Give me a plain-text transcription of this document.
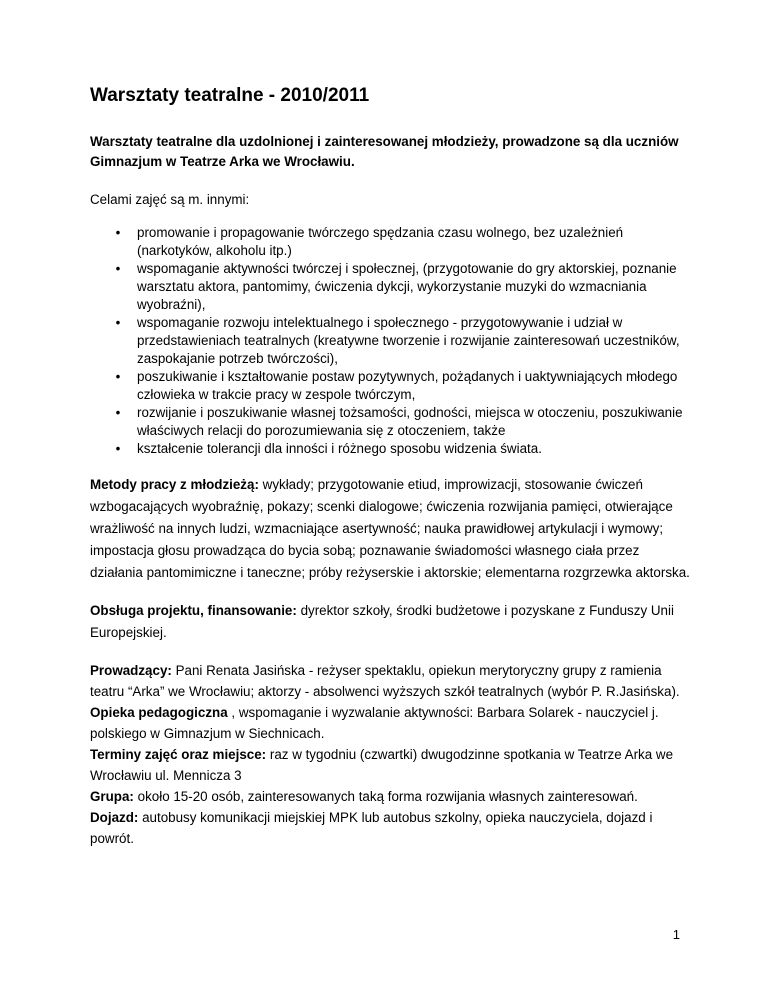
Warsztaty teatralne - 2010/2011

Warsztaty teatralne dla uzdolnionej i zainteresowanej młodzieży, prowadzone są dla uczniów Gimnazjum w Teatrze Arka we Wrocławiu.

Celami zajęć są m. innymi:

• promowanie i propagowanie twórczego spędzania czasu wolnego, bez uzależnień (narkotyków, alkoholu itp.)
• wspomaganie aktywności twórczej i społecznej, (przygotowanie do gry aktorskiej, poznanie warsztatu aktora, pantomimy, ćwiczenia dykcji, wykorzystanie muzyki do wzmacniania wyobraźni),
• wspomaganie rozwoju intelektualnego i społecznego - przygotowywanie i udział w przedstawieniach teatralnych (kreatywne tworzenie i rozwijanie zainteresowań uczestników, zaspokajanie potrzeb twórczości),
• poszukiwanie i kształtowanie postaw pozytywnych, pożądanych i uaktywniających młodego człowieka w trakcie pracy w zespole twórczym,
• rozwijanie i poszukiwanie własnej tożsamości, godności, miejsca w otoczeniu, poszukiwanie właściwych relacji do porozumiewania się z otoczeniem, także
• kształcenie tolerancji dla inności i różnego sposobu widzenia świata.

Metody pracy z młodzieżą: wykłady; przygotowanie etiud, improwizacji, stosowanie ćwiczeń wzbogacających wyobraźnię, pokazy; scenki dialogowe; ćwiczenia rozwijania pamięci, otwierające wrażliwość na innych ludzi, wzmacniające asertywność; nauka prawidłowej artykulacji i wymowy; impostacja głosu prowadząca do bycia sobą; poznawanie świadomości własnego ciała przez działania pantomimiczne i taneczne; próby reżyserskie i aktorskie; elementarna rozgrzewka aktorska.

Obsługa projektu, finansowanie: dyrektor szkoły, środki budżetowe i pozyskane z Funduszy Unii Europejskiej.

Prowadzący: Pani Renata Jasińska - reżyser spektaklu, opiekun merytoryczny grupy z ramienia teatru “Arka” we Wrocławiu; aktorzy - absolwenci wyższych szkół teatralnych (wybór P. R.Jasińska).

Opieka pedagogiczna , wspomaganie i wyzwalanie aktywności: Barbara Solarek - nauczyciel j. polskiego w Gimnazjum w Siechnicach.

Terminy zajęć oraz miejsce: raz w tygodniu (czwartki) dwugodzinne spotkania w Teatrze Arka we Wrocławiu ul. Mennicza 3

Grupa: około 15-20 osób, zainteresowanych taką forma rozwijania własnych zainteresowań.

Dojazd: autobusy komunikacji miejskiej MPK lub autobus szkolny, opieka nauczyciela, dojazd i powrót.

1
